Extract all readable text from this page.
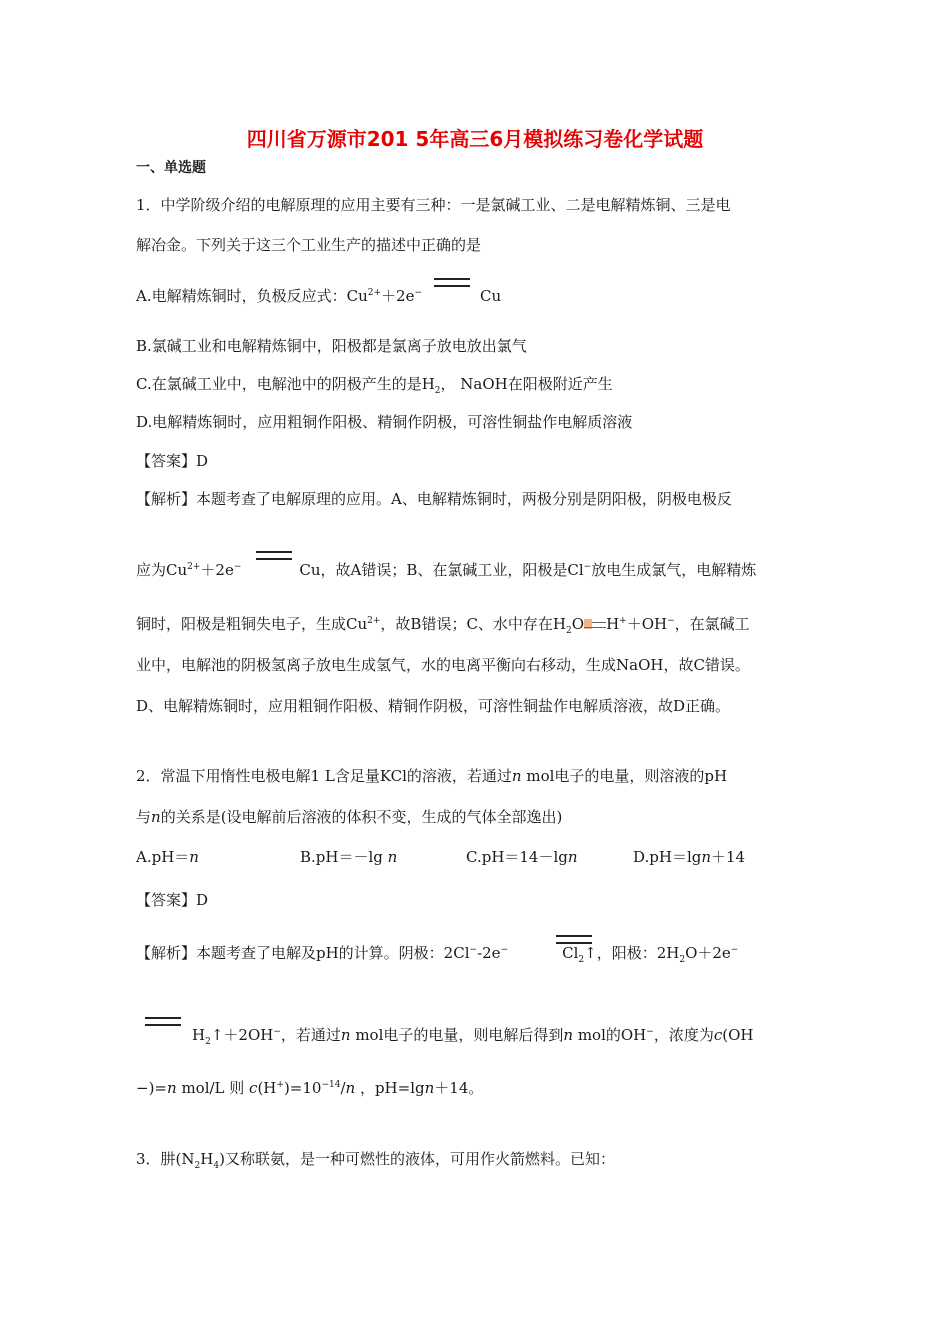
四川省万源市201 5年高三6月模拟练习卷化学试题
一、单选题
1．中学阶级介绍的电解原理的应用主要有三种：一是氯碱工业、二是电解精炼铜、三是电
解冶金。下列关于这三个工业生产的描述中正确的是
A.电解精炼铜时，负极反应式：$Cu^{2+}+2e^-$	Cu
B.氯碱工业和电解精炼铜中，阳极都是氯离子放电放出氯气
C.在氯碱工业中，电解池中的阴极产生的是$H_2$， NaOH在阳极附近产生
D.电解精炼铜时，应用粗铜作阳极、精铜作阴极，可溶性铜盐作电解质溶液
【答案】D
【解析】本题考查了电解原理的应用。A、电解精炼铜时，两极分别是阴阳极，阴极电极反
应为$Cu^{2+}+2e^-$	Cu，故A错误；B、在氯碱工业，阳极是Cl−放电生成氯气，电解精炼
铜时，阳极是粗铜失电子，生成$Cu^{2+}$，故B错误；C、水中存在$H_2O$ H+＋OH−，在氯碱工
业中，电解池的阴极氢离子放电生成氢气，水的电离平衡向右移动，生成NaOH，故C错误。
D、电解精炼铜时，应用粗铜作阳极、精铜作阴极，可溶性铜盐作电解质溶液，故D正确。
2．常温下用惰性电极电解1 L含足量KCl的溶液，若通过n mol电子的电量，则溶液的pH
与n的关系是(设电解前后溶液的体积不变，生成的气体全部逸出)
A.pH＝n	B.pH＝－lg n	C.pH＝14－lgn	D.pH＝lgn＋14
【答案】D
【解析】本题考查了电解及pH的计算。阴极：2Cl−-2e−	$Cl_2↑$，阳极：$2H_2O+2e^-$
$H_2↑+2OH^-$，若通过n mol电子的电量，则电解后得到n mol的OH−，浓度为c(OH
−)=n mol/L 则 $c(H^+)=10^{-14}/n$ ，pH=lgn＋14。
3．肼$(N_2H_4)$又称联氨，是一种可燃性的液体，可用作火箭燃料。已知：
